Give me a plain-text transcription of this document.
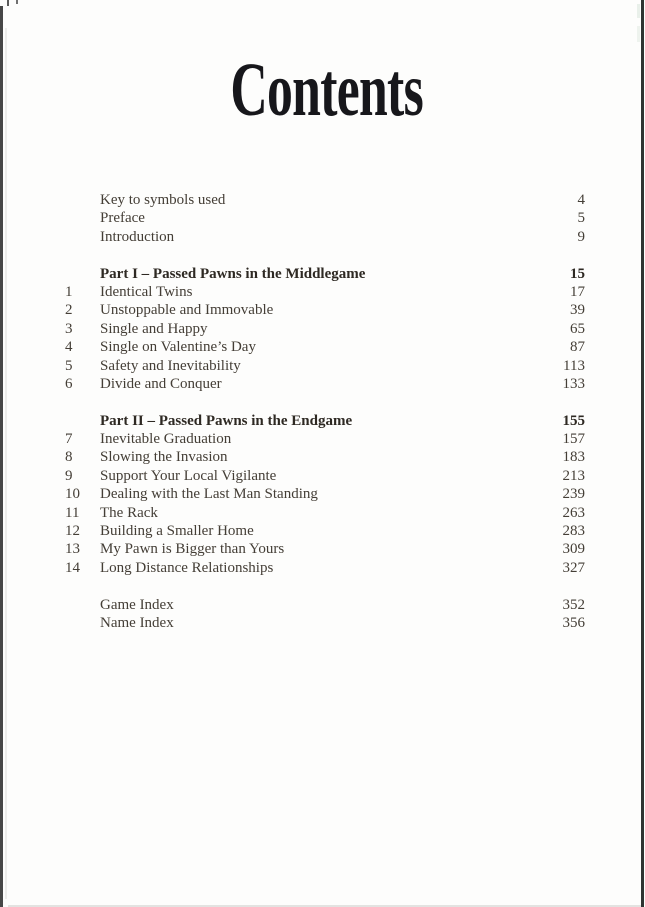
Contents
Key to symbols used	4
Preface	5
Introduction	9
Part I – Passed Pawns in the Middlegame	15
1	Identical Twins	17
2	Unstoppable and Immovable	39
3	Single and Happy	65
4	Single on Valentine’s Day	87
5	Safety and Inevitability	113
6	Divide and Conquer	133
Part II – Passed Pawns in the Endgame	155
7	Inevitable Graduation	157
8	Slowing the Invasion	183
9	Support Your Local Vigilante	213
10	Dealing with the Last Man Standing	239
11	The Rack	263
12	Building a Smaller Home	283
13	My Pawn is Bigger than Yours	309
14	Long Distance Relationships	327
Game Index	352
Name Index	356
